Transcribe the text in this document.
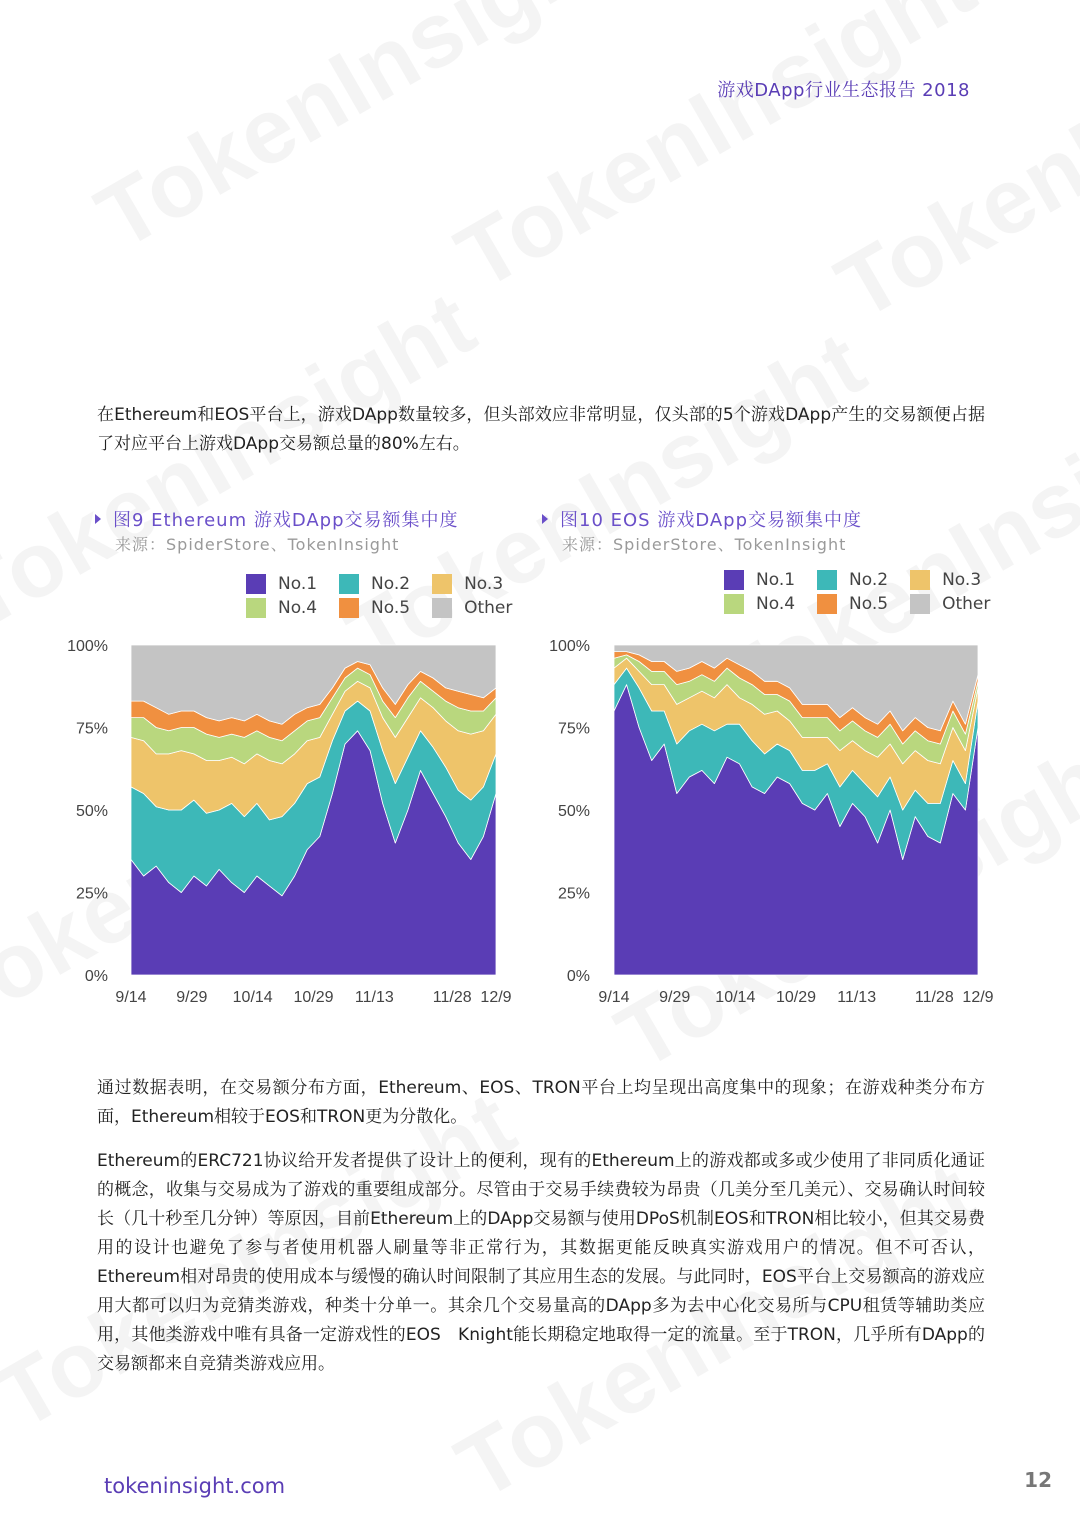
游戏DApp行业生态报告 2018
在Ethereum和EOS平台上，游戏DApp数量较多，但头部效应非常明显，仅头部的5个游戏DApp产生的交易额便占据了对应平台上游戏DApp交易额总量的80%左右。
图9 Ethereum 游戏DApp交易额集中度
来源：SpiderStore、TokenInsight
图10 EOS 游戏DApp交易额集中度
来源：SpiderStore、TokenInsight
No.1	No.2	No.3
No.4	No.5	Other
No.1	No.2	No.3
No.4	No.5	Other
100%
75%
50%
25%
0%
9/14 9/29 10/14 10/29 11/13 11/28 12/9
100%
75%
50%
25%
0%
9/14 9/29 10/14 10/29 11/13 11/28 12/9
通过数据表明，在交易额分布方面，Ethereum、EOS、TRON平台上均呈现出高度集中的现象；在游戏种类分布方面，Ethereum相较于EOS和TRON更为分散化。
Ethereum的ERC721协议给开发者提供了设计上的便利，现有的Ethereum上的游戏都或多或少使用了非同质化通证的概念，收集与交易成为了游戏的重要组成部分。尽管由于交易手续费较为昂贵（几美分至几美元）、交易确认时间较长（几十秒至几分钟）等原因，目前Ethereum上的DApp交易额与使用DPoS机制EOS和TRON相比较小，但其交易费用的设计也避免了参与者使用机器人刷量等非正常行为，其数据更能反映真实游戏用户的情况。但不可否认，Ethereum相对昂贵的使用成本与缓慢的确认时间限制了其应用生态的发展。与此同时，EOS平台上交易额高的游戏应用大都可以归为竞猜类游戏，种类十分单一。其余几个交易量高的DApp多为去中心化交易所与CPU租赁等辅助类应用，其他类游戏中唯有具备一定游戏性的EOS　Knight能长期稳定地取得一定的流量。至于TRON，几乎所有DApp的交易额都来自竞猜类游戏应用。
tokeninsight.com	12
